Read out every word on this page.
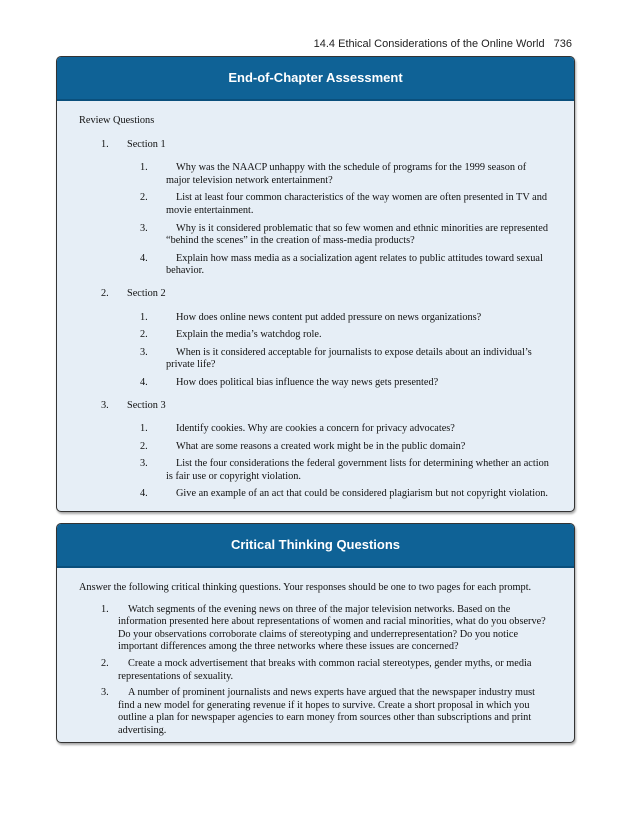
14.4 Ethical Considerations of the Online World 736
End-of-Chapter Assessment
Review Questions
1. Section 1
1.	Why was the NAACP unhappy with the schedule of programs for the 1999 season of major television network entertainment?
2.	List at least four common characteristics of the way women are often presented in TV and movie entertainment.
3.	Why is it considered problematic that so few women and ethnic minorities are represented “behind the scenes” in the creation of mass-media products?
4.	Explain how mass media as a socialization agent relates to public attitudes toward sexual behavior.
2. Section 2
1.	How does online news content put added pressure on news organizations?
2.	Explain the media’s watchdog role.
3.	When is it considered acceptable for journalists to expose details about an individual’s private life?
4.	How does political bias influence the way news gets presented?
3. Section 3
1.	Identify cookies. Why are cookies a concern for privacy advocates?
2.	What are some reasons a created work might be in the public domain?
3.	List the four considerations the federal government lists for determining whether an action is fair use or copyright violation.
4.	Give an example of an act that could be considered plagiarism but not copyright violation.
Critical Thinking Questions
Answer the following critical thinking questions. Your responses should be one to two pages for each prompt.
1.	Watch segments of the evening news on three of the major television networks. Based on the information presented here about representations of women and racial minorities, what do you observe? Do your observations corroborate claims of stereotyping and underrepresentation? Do you notice important differences among the three networks where these issues are concerned?
2.	Create a mock advertisement that breaks with common racial stereotypes, gender myths, or media representations of sexuality.
3.	A number of prominent journalists and news experts have argued that the newspaper industry must find a new model for generating revenue if it hopes to survive. Create a short proposal in which you outline a plan for newspaper agencies to earn money from sources other than subscriptions and print advertising.
